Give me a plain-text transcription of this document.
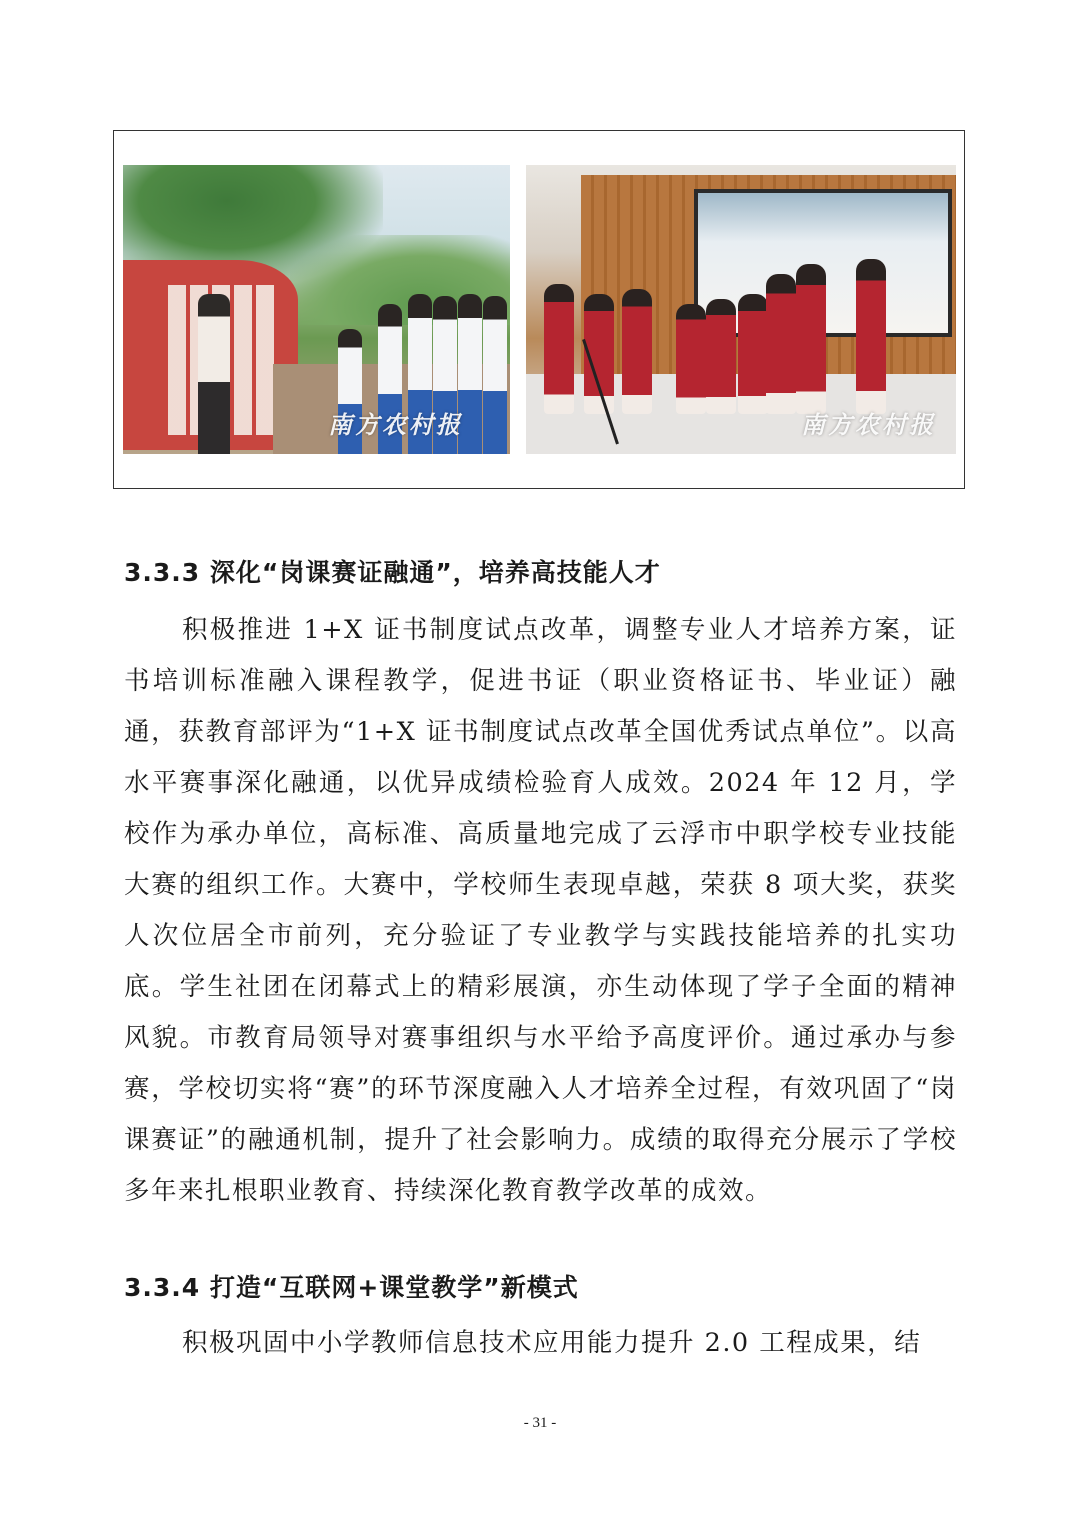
南方农村报	南方农村报
3.3.3 深化“岗课赛证融通”，培养高技能人才

积极推进 1+X 证书制度试点改革，调整专业人才培养方案，证书培训标准融入课程教学，促进书证（职业资格证书、毕业证）融通，获教育部评为“1+X 证书制度试点改革全国优秀试点单位”。以高水平赛事深化融通，以优异成绩检验育人成效。2024 年 12 月，学校作为承办单位，高标准、高质量地完成了云浮市中职学校专业技能大赛的组织工作。大赛中，学校师生表现卓越，荣获 8 项大奖，获奖人次位居全市前列，充分验证了专业教学与实践技能培养的扎实功底。学生社团在闭幕式上的精彩展演，亦生动体现了学子全面的精神风貌。市教育局领导对赛事组织与水平给予高度评价。通过承办与参赛，学校切实将“赛”的环节深度融入人才培养全过程，有效巩固了“岗课赛证”的融通机制，提升了社会影响力。成绩的取得充分展示了学校多年来扎根职业教育、持续深化教育教学改革的成效。

3.3.4 打造“互联网+课堂教学”新模式

积极巩固中小学教师信息技术应用能力提升 2.0 工程成果，结

- 31 -
